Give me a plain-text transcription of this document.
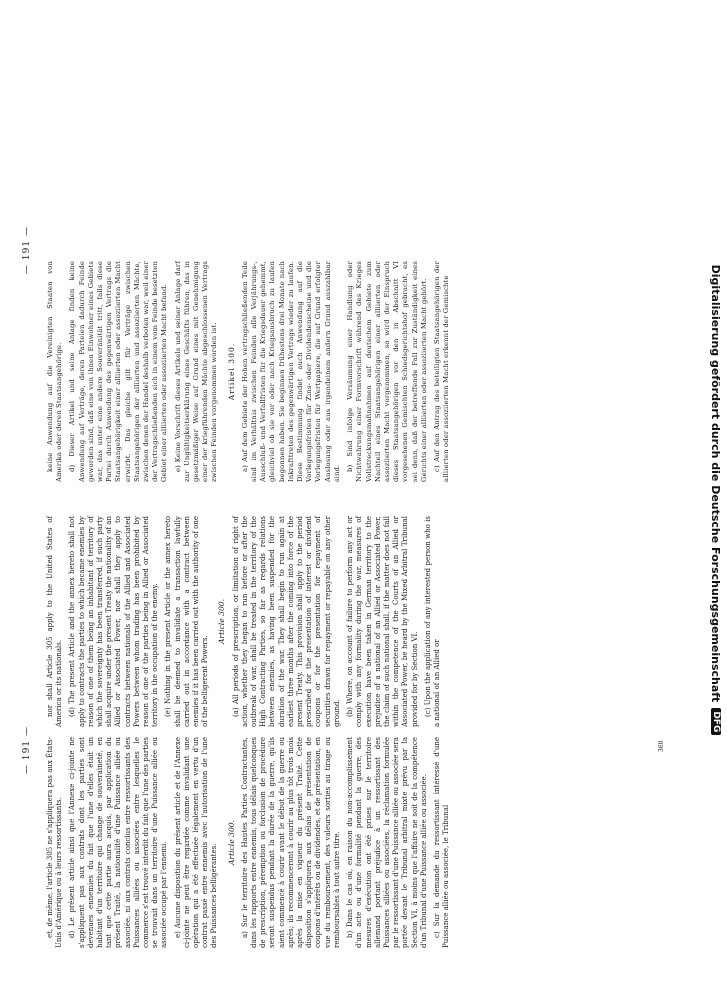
— 191 — et, de même, l'article 305 ne s'appliquera pas aux États-Unis d'Amérique ou à leurs ressortissants. d) Le présent article ainsi que l'Annexe ci-jointe ne s'appliquent pas aux contrats dont les parties sont devenues ennemies du fait que l'une d'elles était un habitant d'un territoire qui change de souveraineté, en tant que cette partie aura acquis, par application du présent Traité, la nationalité d'une Puissance alliée ou associée, ni aux contrats conclus entre ressortissants des Puissances alliées ou associées entre lesquelles le commerce s'est trouvé interdit du fait que l'une des parties se trouvait dans un territoire d'une Puissance alliée ou associée occupé par l'ennemi. e) Aucune disposition du présent article et de l'Annexe ci-jointe ne peut être regardée comme invalidant une opération qui a été effectuée légalement en vertu d'un contrat passé entre ennemis avec l'autorisation de l'une des Puissances belligérantes.

Article 300. a) Sur le territoire des Hautes Parties Contractantes, dans les rapports entre ennemis, tous délais quelconques de prescription, péremption ou forclusion de procédure seront suspendus pendant la durée de la guerre, qu'ils aient commencé à courir avant le début de la guerre ou après; ils recommenceront à courir au plus tôt trois mois après la mise en vigueur du présent Traité. Cette disposition s'appliquera aux délais de présentation de coupons d'intérêts ou de dividendes, et de présentation, en vue du remboursement, des valeurs sorties au tirage ou remboursables à tout autre titre. b) Dans le cas où, en raison du non-accomplissement d'un acte ou d'une formalité pendant la guerre, des mesures d'exécution ont été prises sur le territoire allemand portant préjudice à un ressortissant des Puissances alliées ou associées, la réclamation formulée par le ressortissant d'une Puissance alliée ou associée sera portée devant le Tribunal arbitral mixte prévu par la Section VI, à moins que l'affaire ne soit de la compétence d'un Tribunal d'une Puissance alliée ou associée. c) Sur la demande du ressortissant intéressé d'une Puissance alliée ou associée, le Tribunal

nor shall Article 305 apply to the United States of America or its nationals. (d) The present Article and the annex hereto shall not apply to contracts the parties to which became enemies by reason of one of them being an inhabitant of territory of which the sovereignty has been transferred, if such party shall acquire under the present Treaty the nationality of an Allied or Associated Power, nor shall they apply to contracts between nationals of the Allied and Associated Powers between whom trading has been prohibited by reason of one of the parties being in Allied or Associated territory in the occupation of the enemy. (e) Nothing in the present Article or the annex hereto shall be deemed to invalidate a transaction lawfully carried out in accordance with a contract between enemies if it has been carried out with the authority of one of the belligerent Powers.

Article 300. (a) All periods of prescription, or limitation of right of action, whether they began to run before or after the outbreak of war, shall be treated in the territory of the High Contracting Parties, so far as regards relations between enemies, as having been suspended for the duration of the war. They shall begin to run again at earliest three months after the coming into force of the present Treaty. This provision shall apply to the period prescribed for the presentation of interest or dividend coupons or for the presentation for repayment of securities drawn for repayment or repayable on any other ground. (b) Where, on account of failure to perform any act or comply with any formality during the war, measures of execution have been taken in German territory to the prejudice of a national of an Allied or Associated Power, the claim of such national shall, if the matter does not fall within the competence of the Courts of an Allied or Associated Power, be heard by the Mixed Arbitral Tribunal provided for by Section VI. (c) Upon the application of any interested person who is a national of an Allied or

360
— 191 —

keine Anwendung auf die Vereinigten Staaten von Amerika oder deren Staatsangehörige. d) Dieser Artikel und seine Anlage finden keine Anwendung auf Verträge, deren Parteien dadurch Feinde geworden sind, daß eine von ihnen Einwohner eines Gebiets war, das unter eine andere Souveränität tritt, falls diese Partei durch Anwendung des gegenwärtigen Vertrags die Staatsangehörigkeit einer alliierten oder assoziierten Macht erwirbt. Das gleiche gilt für Verträge zwischen Staatsangehörigen der alliierten und assoziierten Mächte, zwischen denen der Handel deshalb verboten war, weil einer der Vertragschließenden sich in einem vom Feinde besetzten Gebiet einer alliierten oder assoziierten Macht befand. e) Keine Vorschrift dieses Artikels und seiner Anlage darf zur Ungültigkeitserklärung eines Geschäfts führen, das in gesetzmäßiger Weise auf Grund eines mit Genehmigung einer der kriegführenden Mächte abgeschlossenen Vertrags zwischen Feinden vorgenommen worden ist. Artikel 300. a) Auf dem Gebiete der Hohen vertragschließenden Teile sind im Verhältnis zwischen Feinden alle Verjährungs-, Ausschluß- und Verfallfristen für die Kriegsdauer gehemmt, gleichviel ob sie vor oder nach Kriegsausbruch zu laufen begonnen haben. Sie beginnen frühestens drei Monate nach Inkrafttreten des gegenwärtigen Vertrags wieder zu laufen. Diese Bestimmung findet auch Anwendung auf die Vorlegungsfristen für Zins- oder Dividendenscheine und die Vorlegungsfristen für Wertpapiere, die auf Grund erfolgter Auslosung oder aus irgendeinem andern Grund auszahlbar sind.

b) Sind infolge Versäumung einer Handlung oder Nichtwahrung einer Formvorschrift während des Krieges Vollstreckungsmaßnahmen auf deutschem Gebiete zum Nachteil eines Staatsangehörigen einer alliierten oder assoziierten Macht vorgenommen, so wird der Einspruch dieses Staatsangehörigen vor den in Abschnitt VI vorgesehenen Gemischten Schiedsgerichtshof gebracht, es sei denn, daß der betreffende Fall zur Zuständigkeit eines Gerichts einer alliierten oder assoziierten Macht gehört. c) Auf den Antrag des beteiligten Staatsangehörigen der alliierten oder assoziierten Macht erkennt der Gemischte	Digitalisierung gefördert durch die Deutsche Forschungsgemeinschaft
DFG
